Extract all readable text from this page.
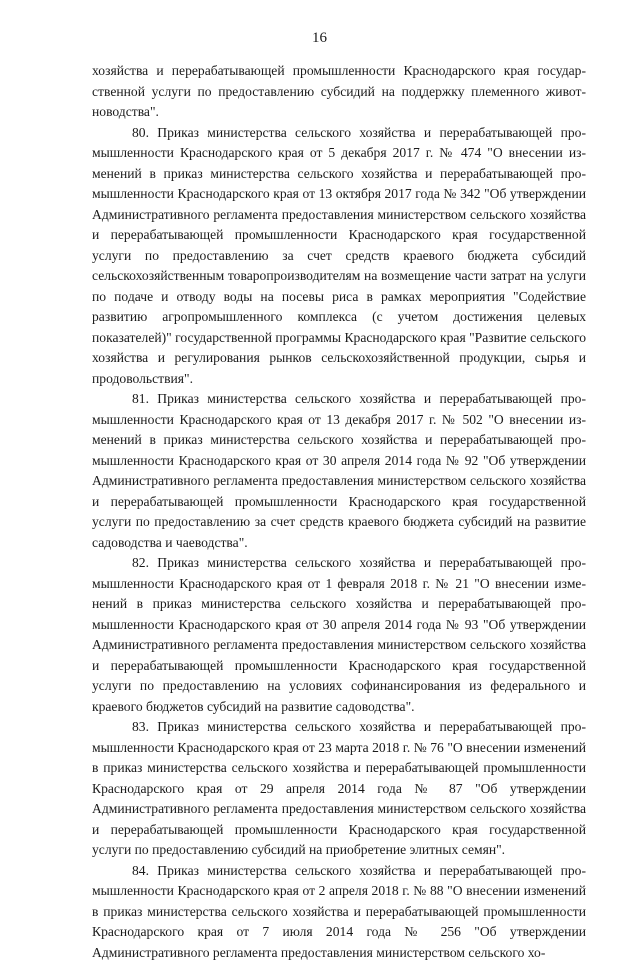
16

хозяйства и перерабатывающей промышленности Краснодарского края государственной услуги по предоставлению субсидий на поддержку племенного животноводства".

80. Приказ министерства сельского хозяйства и перерабатывающей промышленности Краснодарского края от 5 декабря 2017 г. № 474 "О внесении изменений в приказ министерства сельского хозяйства и перерабатывающей промышленности Краснодарского края от 13 октября 2017 года № 342 "Об утверждении Административного регламента предоставления министерством сельского хозяйства и перерабатывающей промышленности Краснодарского края государственной услуги по предоставлению за счет средств краевого бюджета субсидий сельскохозяйственным товаропроизводителям на возмещение части затрат на услуги по подаче и отводу воды на посевы риса в рамках мероприятия "Содействие развитию агропромышленного комплекса (с учетом достижения целевых показателей)" государственной программы Краснодарского края "Развитие сельского хозяйства и регулирования рынков сельскохозяйственной продукции, сырья и продовольствия".

81. Приказ министерства сельского хозяйства и перерабатывающей промышленности Краснодарского края от 13 декабря 2017 г. № 502 "О внесении изменений в приказ министерства сельского хозяйства и перерабатывающей промышленности Краснодарского края от 30 апреля 2014 года № 92 "Об утверждении Административного регламента предоставления министерством сельского хозяйства и перерабатывающей промышленности Краснодарского края государственной услуги по предоставлению за счет средств краевого бюджета субсидий на развитие садоводства и чаеводства".

82. Приказ министерства сельского хозяйства и перерабатывающей промышленности Краснодарского края от 1 февраля 2018 г. № 21 "О внесении изменений в приказ министерства сельского хозяйства и перерабатывающей промышленности Краснодарского края от 30 апреля 2014 года № 93 "Об утверждении Административного регламента предоставления министерством сельского хозяйства и перерабатывающей промышленности Краснодарского края государственной услуги по предоставлению на условиях софинансирования из федерального и краевого бюджетов субсидий на развитие садоводства".

83. Приказ министерства сельского хозяйства и перерабатывающей промышленности Краснодарского края от 23 марта 2018 г. № 76 "О внесении изменений в приказ министерства сельского хозяйства и перерабатывающей промышленности Краснодарского края от 29 апреля 2014 года № 87 "Об утверждении Административного регламента предоставления министерством сельского хозяйства и перерабатывающей промышленности Краснодарского края государственной услуги по предоставлению субсидий на приобретение элитных семян".

84. Приказ министерства сельского хозяйства и перерабатывающей промышленности Краснодарского края от 2 апреля 2018 г. № 88 "О внесении изменений в приказ министерства сельского хозяйства и перерабатывающей промышленности Краснодарского края от 7 июля 2014 года № 256 "Об утверждении Административного регламента предоставления министерством сельского хо-
